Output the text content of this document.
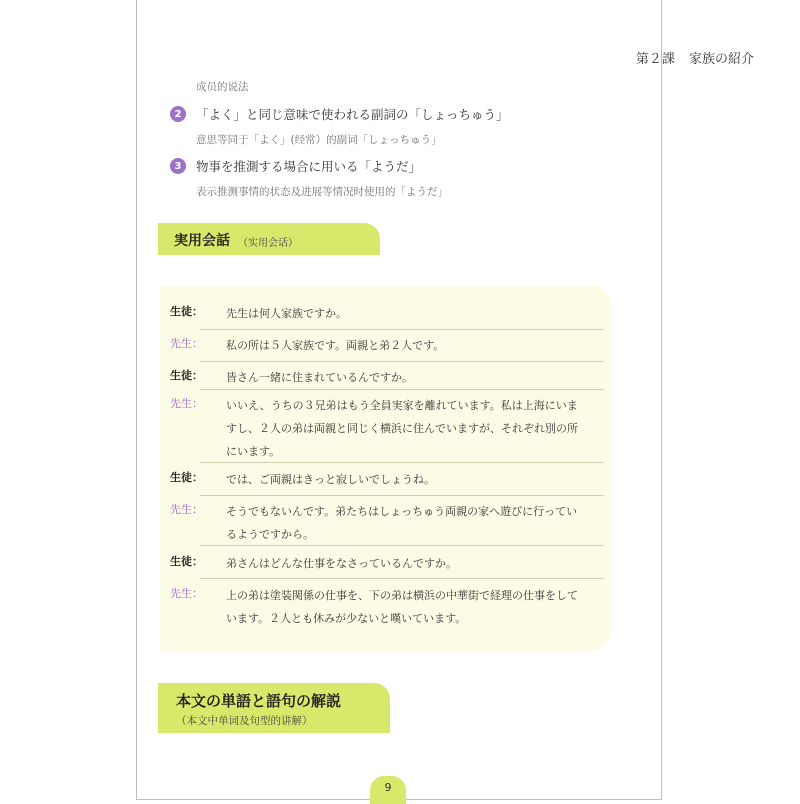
第２課 家族の紹介
成员的说法
2	「よく」と同じ意味で使われる副詞の「しょっちゅう」
意思等同于「よく」(经常）的副词「しょっちゅう」
3	物事を推測する場合に用いる「ようだ」
表示推测事情的状态及进展等情况时使用的「ようだ」
実用会話 （实用会话）
生徒：	先生は何人家族ですか。
先生：	私の所は５人家族です。両親と弟２人です。
生徒：	皆さん一緒に住まれているんですか。
先生：	いいえ、うちの３兄弟はもう全員実家を離れています。私は上海にいま
すし、２人の弟は両親と同じく横浜に住んでいますが、それぞれ別の所
にいます。
生徒：	では、ご両親はきっと寂しいでしょうね。
先生：	そうでもないんです。弟たちはしょっちゅう両親の家へ遊びに行ってい
るようですから。
生徒：	弟さんはどんな仕事をなさっているんですか。
先生：	上の弟は塗装関係の仕事を、下の弟は横浜の中華街で経理の仕事をして
います。２人とも休みが少ないと嘆いています。
本文の単語と語句の解説
（本文中单词及句型的讲解）
9
